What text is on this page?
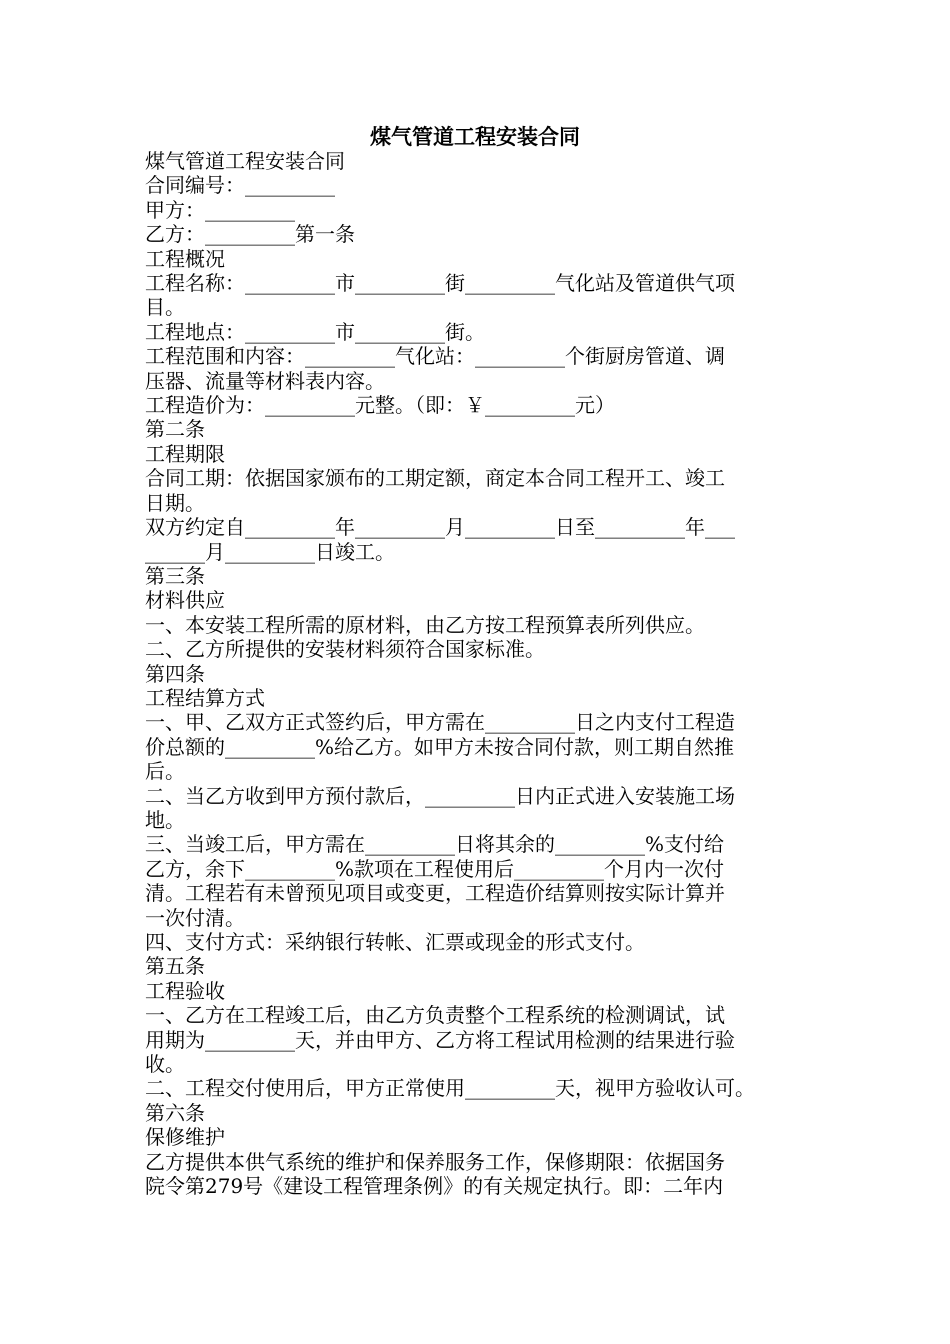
煤气管道工程安装合同
煤气管道工程安装合同
合同编号：_________
甲方：_________
乙方：_________第一条
工程概况
工程名称：_________市_________街_________气化站及管道供气项
目。
工程地点：_________市_________街。
工程范围和内容：_________气化站：_________个街厨房管道、调
压器、流量等材料表内容。
工程造价为：_________元整。（即：￥_________元）
第二条
工程期限
合同工期：依据国家颁布的工期定额，商定本合同工程开工、竣工
日期。
双方约定自_________年_________月_________日至_________年___
______月_________日竣工。
第三条
材料供应
一、本安装工程所需的原材料，由乙方按工程预算表所列供应。
二、乙方所提供的安装材料须符合国家标准。
第四条
工程结算方式
一、甲、乙双方正式签约后，甲方需在_________日之内支付工程造
价总额的_________%给乙方。如甲方未按合同付款，则工期自然推
后。
二、当乙方收到甲方预付款后，_________日内正式进入安装施工场
地。
三、当竣工后，甲方需在_________日将其余的_________%支付给
乙方，余下_________%款项在工程使用后_________个月内一次付
清。工程若有未曾预见项目或变更，工程造价结算则按实际计算并
一次付清。
四、支付方式：采纳银行转帐、汇票或现金的形式支付。
第五条
工程验收
一、乙方在工程竣工后，由乙方负责整个工程系统的检测调试，试
用期为_________天，并由甲方、乙方将工程试用检测的结果进行验
收。
二、工程交付使用后，甲方正常使用_________天，视甲方验收认可。
第六条
保修维护
乙方提供本供气系统的维护和保养服务工作，保修期限：依据国务
院令第279号《建设工程管理条例》的有关规定执行。即：二年内
